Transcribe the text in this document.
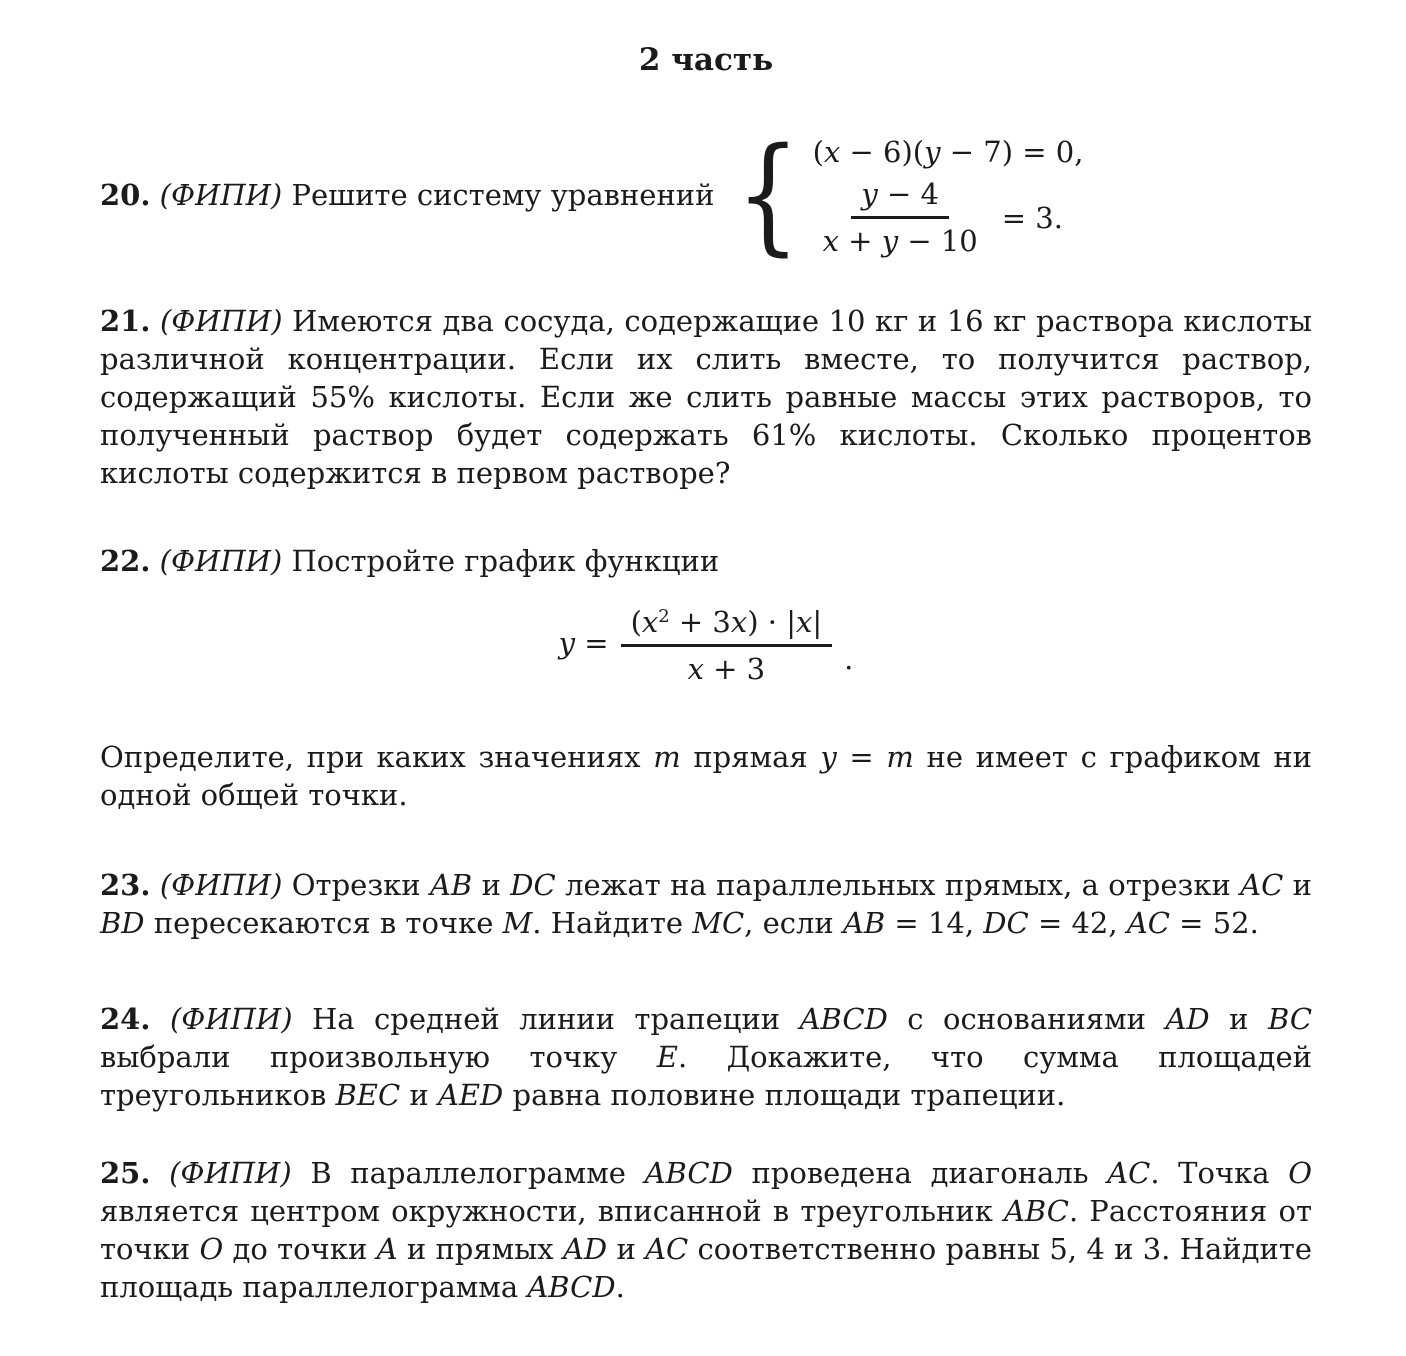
2 часть

20. (ФИПИ) Решите систему уравнений { (x − 6)(y − 7) = 0,
$\frac{y - 4}{x + y - 10} = 3$.

21. (ФИПИ) Имеются два сосуда, содержащие 10 кг и 16 кг раствора кислоты различной концентрации. Если их слить вместе, то получится раствор, содержащий 55% кислоты. Если же слить равные массы этих растворов, то полученный раствор будет содержать 61% кислоты. Сколько процентов кислоты содержится в первом растворе?

22. (ФИПИ) Постройте график функции

$y = \frac{(x^2 + 3x) \cdot |x|}{x + 3}$ .

Определите, при каких значениях m прямая y = m не имеет с графиком ни одной общей точки.

23. (ФИПИ) Отрезки AB и DC лежат на параллельных прямых, а отрезки AC и BD пересекаются в точке M. Найдите MC, если AB = 14, DC = 42, AC = 52.

24. (ФИПИ) На средней линии трапеции ABCD с основаниями AD и BC выбрали произвольную точку E. Докажите, что сумма площадей треугольников BEC и AED равна половине площади трапеции.

25. (ФИПИ) В параллелограмме ABCD проведена диагональ AC. Точка O является центром окружности, вписанной в треугольник ABC. Расстояния от точки O до точки A и прямых AD и AC соответственно равны 5, 4 и 3. Найдите площадь параллелограмма ABCD.
